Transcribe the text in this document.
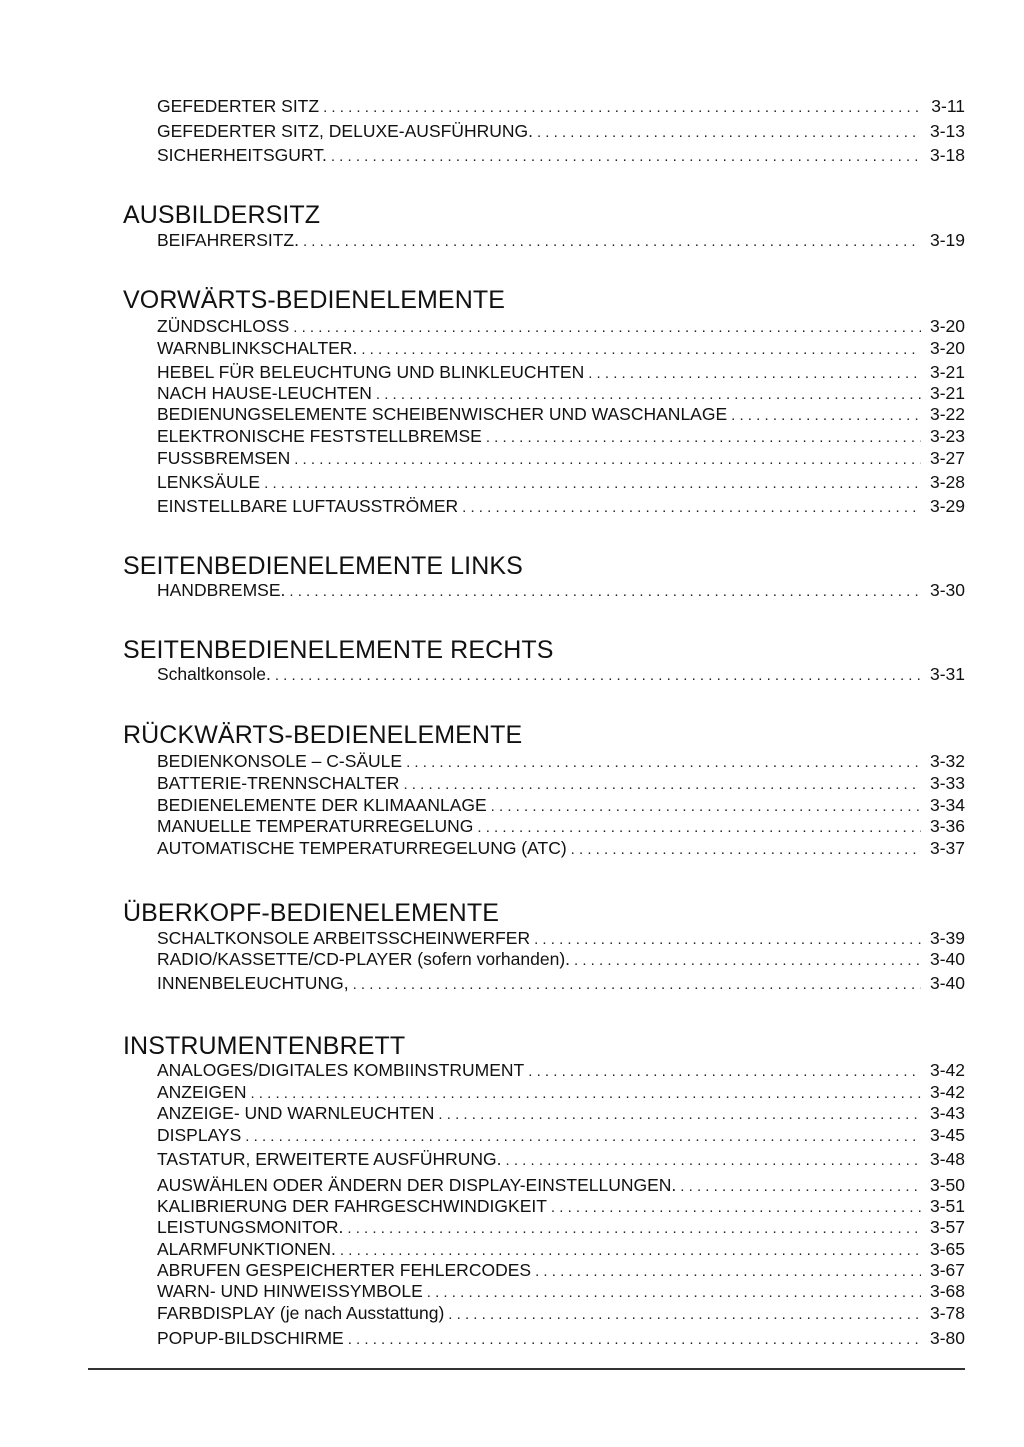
GEFEDERTER SITZ . . .	3-11
GEFEDERTER SITZ, DELUXE-AUSFÜHRUNG. . . .	3-13
SICHERHEITSGURT. . . .	3-18
AUSBILDERSITZ
BEIFAHRERSITZ. . . .	3-19
VORWÄRTS-BEDIENELEMENTE
ZÜNDSCHLOSS . . .	3-20
WARNBLINKSCHALTER. . . .	3-20
HEBEL FÜR BELEUCHTUNG UND BLINKLEUCHTEN . . .	3-21
NACH HAUSE-LEUCHTEN . . .	3-21
BEDIENUNGSELEMENTE SCHEIBENWISCHER UND WASCHANLAGE . . .	3-22
ELEKTRONISCHE FESTSTELLBREMSE . . .	3-23
FUSSBREMSEN . . .	3-27
LENKSÄULE . . .	3-28
EINSTELLBARE LUFTAUSSTRÖMER . . .	3-29
SEITENBEDIENELEMENTE LINKS
HANDBREMSE. . . .	3-30
SEITENBEDIENELEMENTE RECHTS
Schaltkonsole. . . .	3-31
RÜCKWÄRTS-BEDIENELEMENTE
BEDIENKONSOLE – C-SÄULE . . .	3-32
BATTERIE-TRENNSCHALTER . . .	3-33
BEDIENELEMENTE DER KLIMAANLAGE . . .	3-34
MANUELLE TEMPERATURREGELUNG . . .	3-36
AUTOMATISCHE TEMPERATURREGELUNG (ATC) . . .	3-37
ÜBERKOPF-BEDIENELEMENTE
SCHALTKONSOLE ARBEITSSCHEINWERFER . . .	3-39
RADIO/KASSETTE/CD-PLAYER (sofern vorhanden). . . .	3-40
INNENBELEUCHTUNG, . . .	3-40
INSTRUMENTENBRETT
ANALOGES/DIGITALES KOMBIINSTRUMENT . . .	3-42
ANZEIGEN . . .	3-42
ANZEIGE- UND WARNLEUCHTEN . . .	3-43
DISPLAYS . . .	3-45
TASTATUR, ERWEITERTE AUSFÜHRUNG. . . .	3-48
AUSWÄHLEN ODER ÄNDERN DER DISPLAY-EINSTELLUNGEN. . . .	3-50
KALIBRIERUNG DER FAHRGESCHWINDIGKEIT . . .	3-51
LEISTUNGSMONITOR. . . .	3-57
ALARMFUNKTIONEN. . . .	3-65
ABRUFEN GESPEICHERTER FEHLERCODES . . .	3-67
WARN- UND HINWEISSYMBOLE . . .	3-68
FARBDISPLAY (je nach Ausstattung) . . .	3-78
POPUP-BILDSCHIRME . . .	3-80
